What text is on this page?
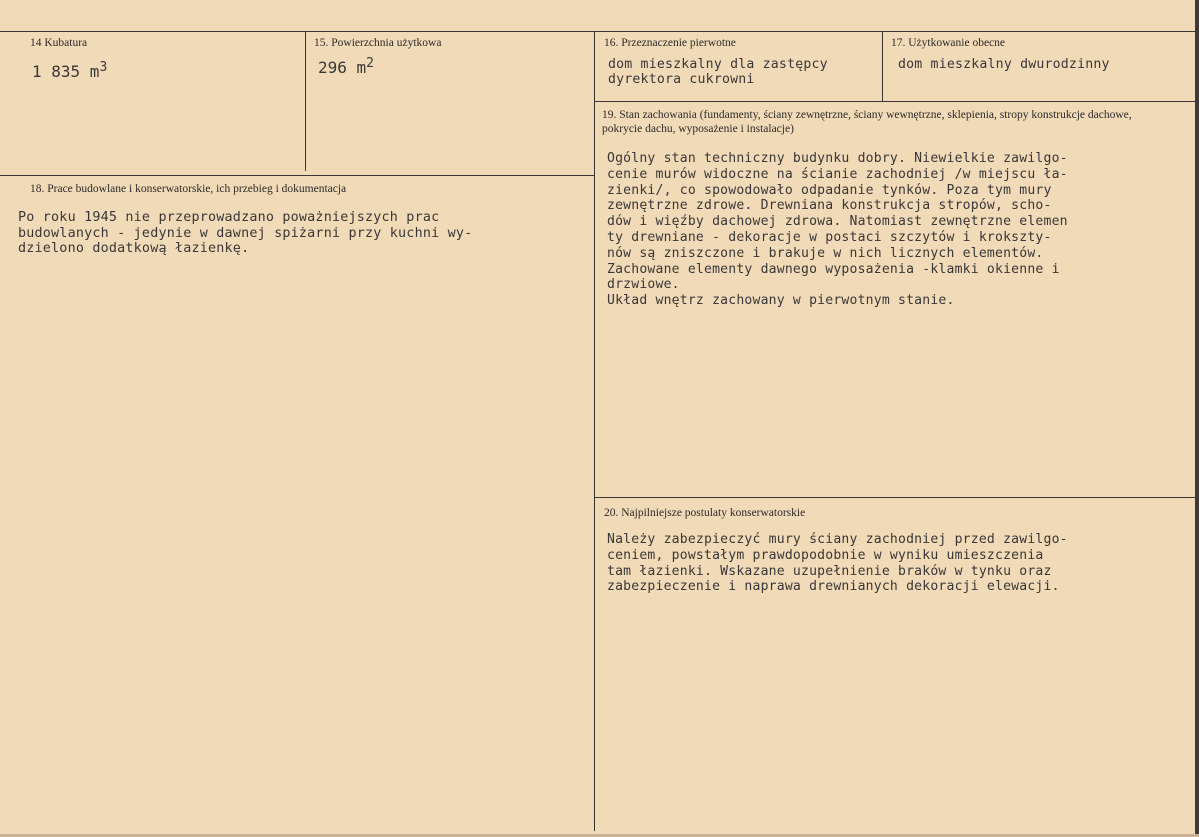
14 Kubatura
1 835 $m^3$
15. Powierzchnia użytkowa
296 $m^2$
16. Przeznaczenie pierwotne
dom mieszkalny dla zastępcy
dyrektora cukrowni
17. Użytkowanie obecne
dom mieszkalny dwurodzinny
18. Prace budowlane i konserwatorskie, ich przebieg i dokumentacja
Po roku 1945 nie przeprowadzano poważniejszych prac
budowlanych - jedynie w dawnej spiżarni przy kuchni wy-
dzielono dodatkową łazienkę.
19. Stan zachowania (fundamenty, ściany zewnętrzne, ściany wewnętrzne, sklepienia, stropy konstrukcje dachowe, pokrycie dachu, wyposażenie i instalacje)
Ogólny stan techniczny budynku dobry. Niewielkie zawilgo-
cenie murów widoczne na ścianie zachodniej /w miejscu ła-
zienki/, co spowodowało odpadanie tynków. Poza tym mury
zewnętrzne zdrowe. Drewniana konstrukcja stropów, scho-
dów i więźby dachowej zdrowa. Natomiast zewnętrzne elemen
ty drewniane - dekoracje w postaci szczytów i krokszty-
nów są zniszczone i brakuje w nich licznych elementów.
Zachowane elementy dawnego wyposażenia -klamki okienne i
drzwiowe.
Układ wnętrz zachowany w pierwotnym stanie.
20. Najpilniejsze postulaty konserwatorskie
Należy zabezpieczyć mury ściany zachodniej przed zawilgo-
ceniem, powstałym prawdopodobnie w wyniku umieszczenia
tam łazienki. Wskazane uzupełnienie braków w tynku oraz
zabezpieczenie i naprawa drewnianych dekoracji elewacji.
